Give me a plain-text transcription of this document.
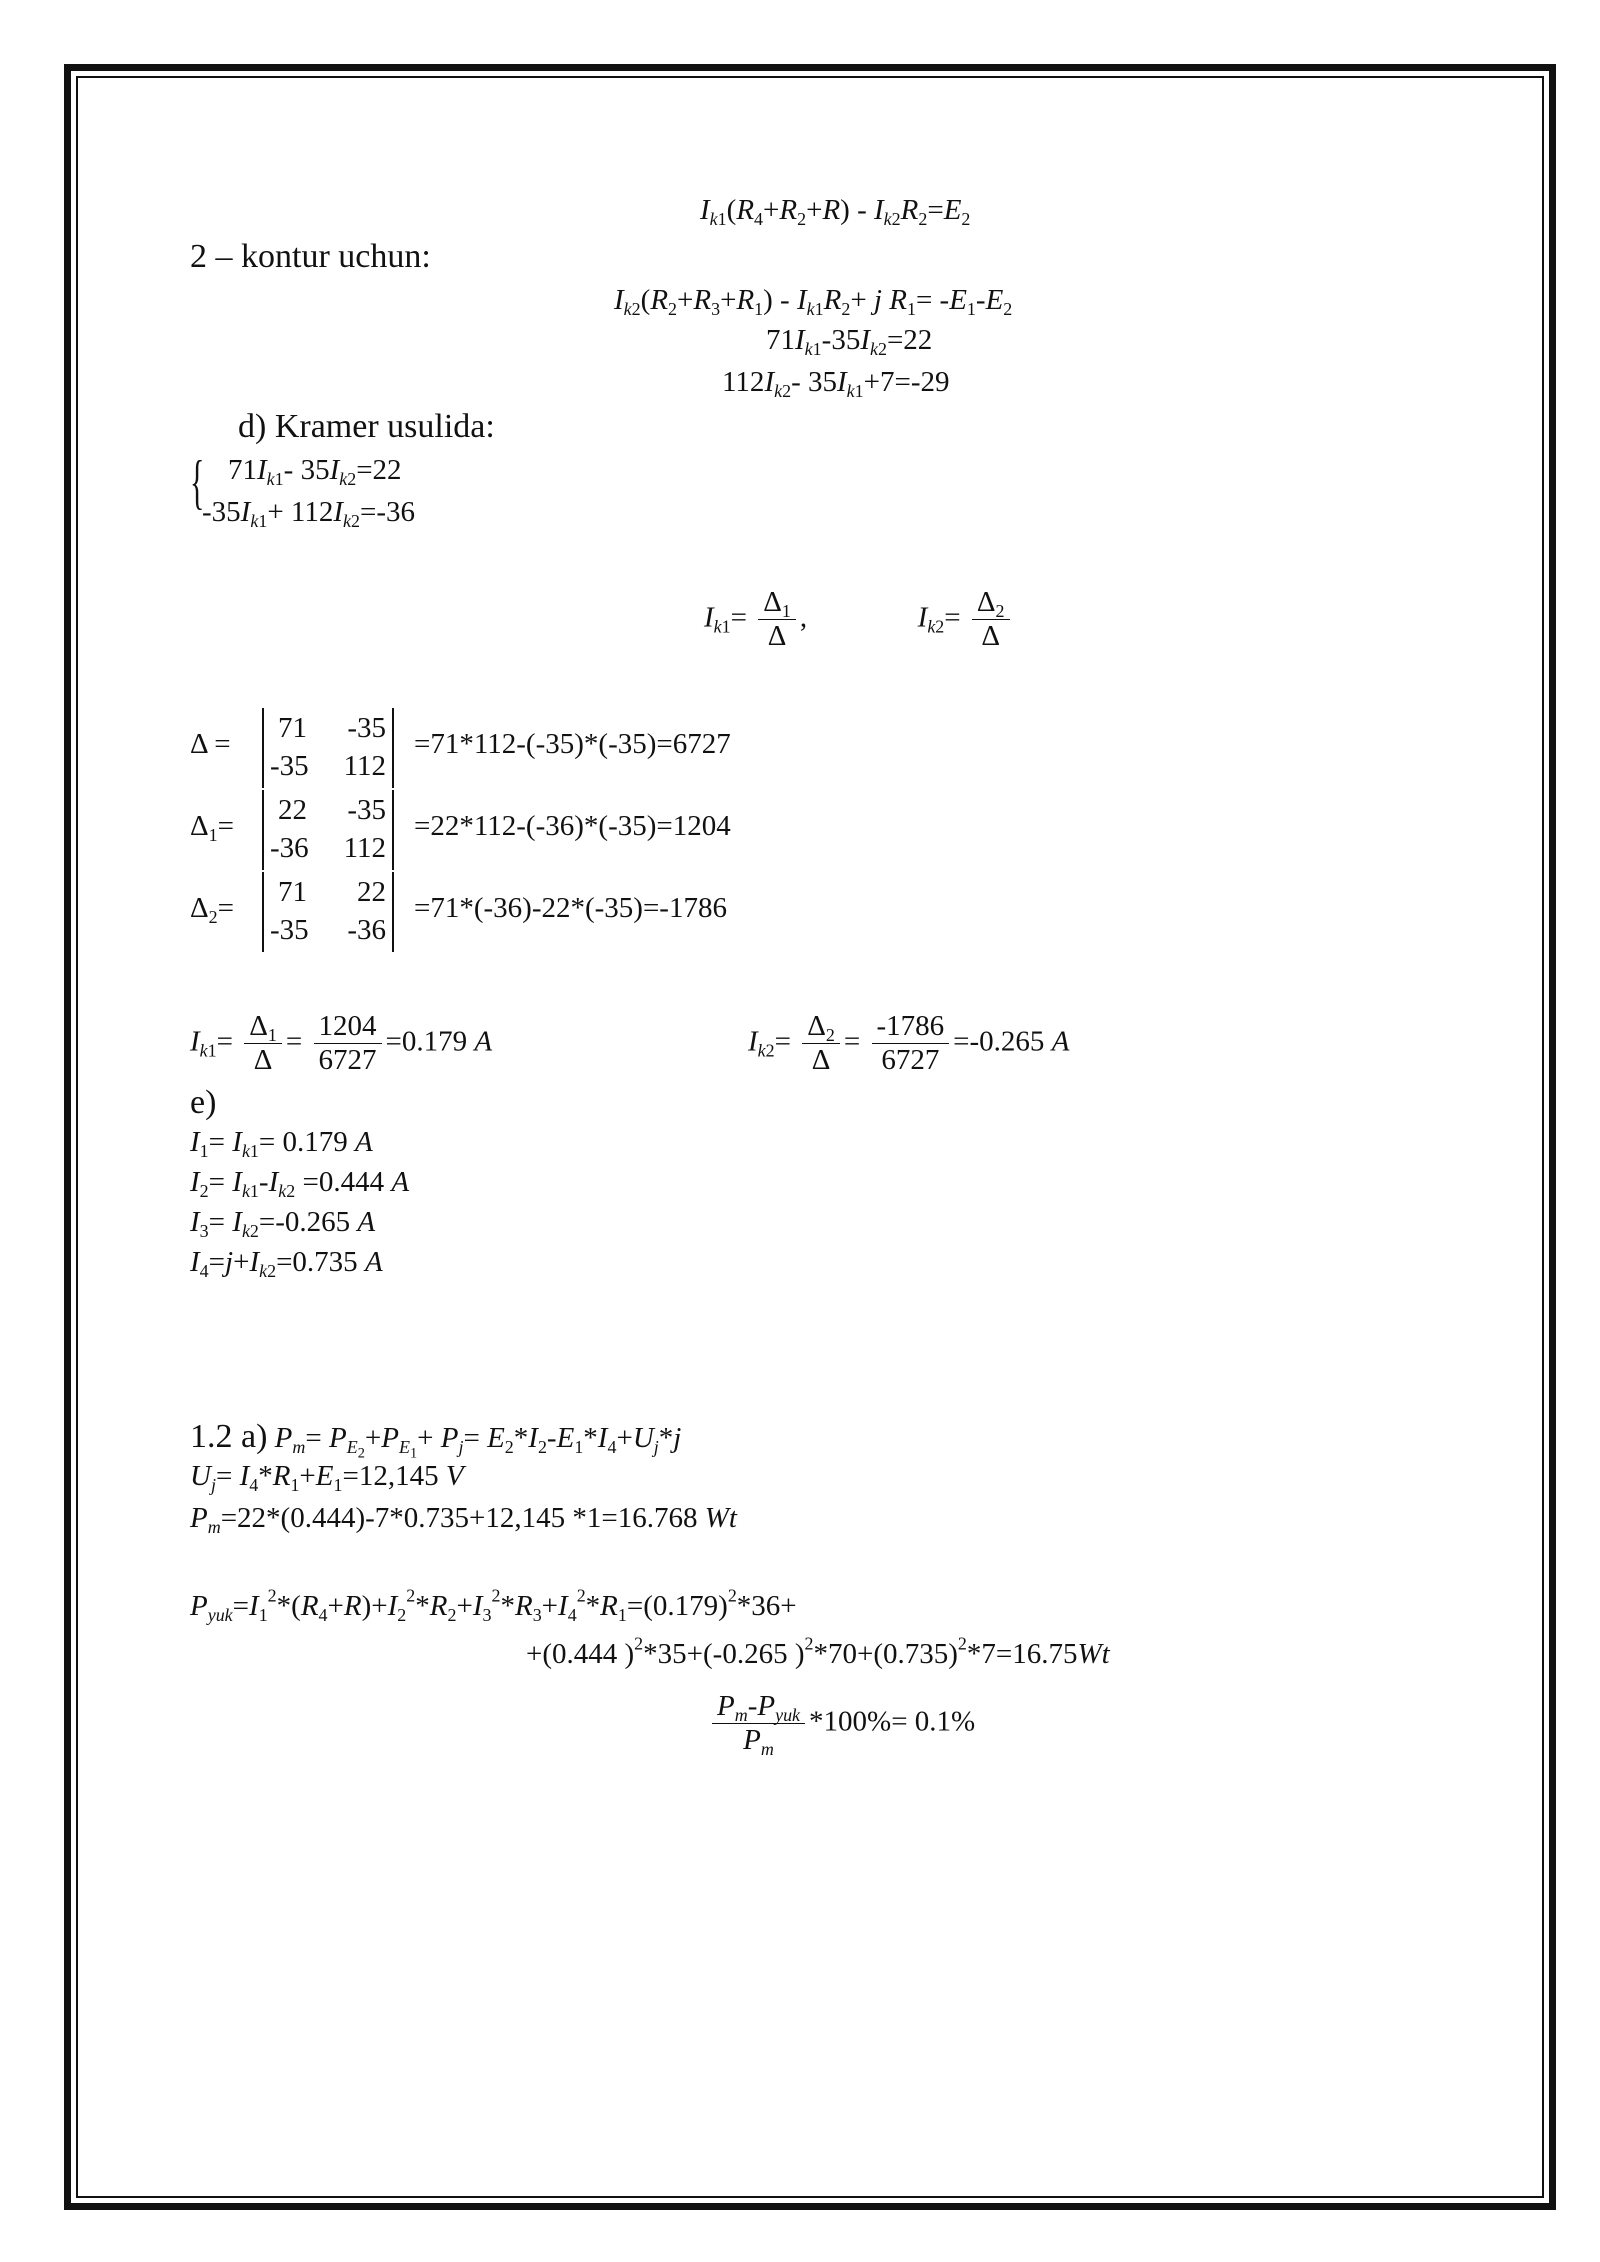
$I_{k1}(R_4+R_2+R) - I_{k2}R_2=E_2$
2 – kontur uchun:
$I_{k2}(R_2+R_3+R_1) - I_{k1}R_2+ j$ $R_1= -E_1-E_2$
$71I_{k1}-35I_{k2}=22$
$112I_{k2}-$ $35I_{k1}+7=-29$
d) Kramer usulida:
{ $71I_{k1}-$ $35I_{k2}=22$
$-35I_{k1}+ 112I_{k2}=-36$
$I_{k1}= \frac{\Delta_1}{\Delta}$ ,	$I_{k2}= \frac{\Delta_2}{\Delta}$
Δ = 71 -35
-35 112
=71*112-(-35)*(-35)=6727
$\Delta_1= 22$ -35
-36 112
=22*112-(-36)*(-35)=1204
$\Delta_2= 71$ 22
-35 -36
=71*(-36)-22*(-35)=-1786
$I_{k1}= \frac{\Delta_1}{\Delta} = \frac{1204}{6727} =0.179$ A	$I_{k2}= \frac{\Delta_2}{\Delta} = \frac{-1786}{6727} =-0.265$ A
e)
$I_1= I_{k1}= 0.179$ A
$I_2= I_{k1}-I_{k2} =0.444$ A
$I_3= I_{k2}=-0.265$ A
$I_4=j+I_{k2}=0.735$ A
1.2 a) $P_m= P_{E_2}+P_{E_1}+ P_j= E_2*I_2-E_1*I_4+U_j*j$
$U_j= I_4*R_1+E_1=12,145$ V
$P_m=22*(0.444)-7*0.735+12,145$ *1=16.768 Wt
$P_{yuk}=I_1^2*(R_4+R)+I_2^2*R_2+I_3^2*R_3+I_4^2*R_1=(0.179)^2*36+$
+(0.444 )$^2$*35+(-0.265 )$^2*70+(0.735)^2*7=16.75Wt$
$\frac{P_m-P_{yuk}}{P_m} *100\%= 0.1\%$
